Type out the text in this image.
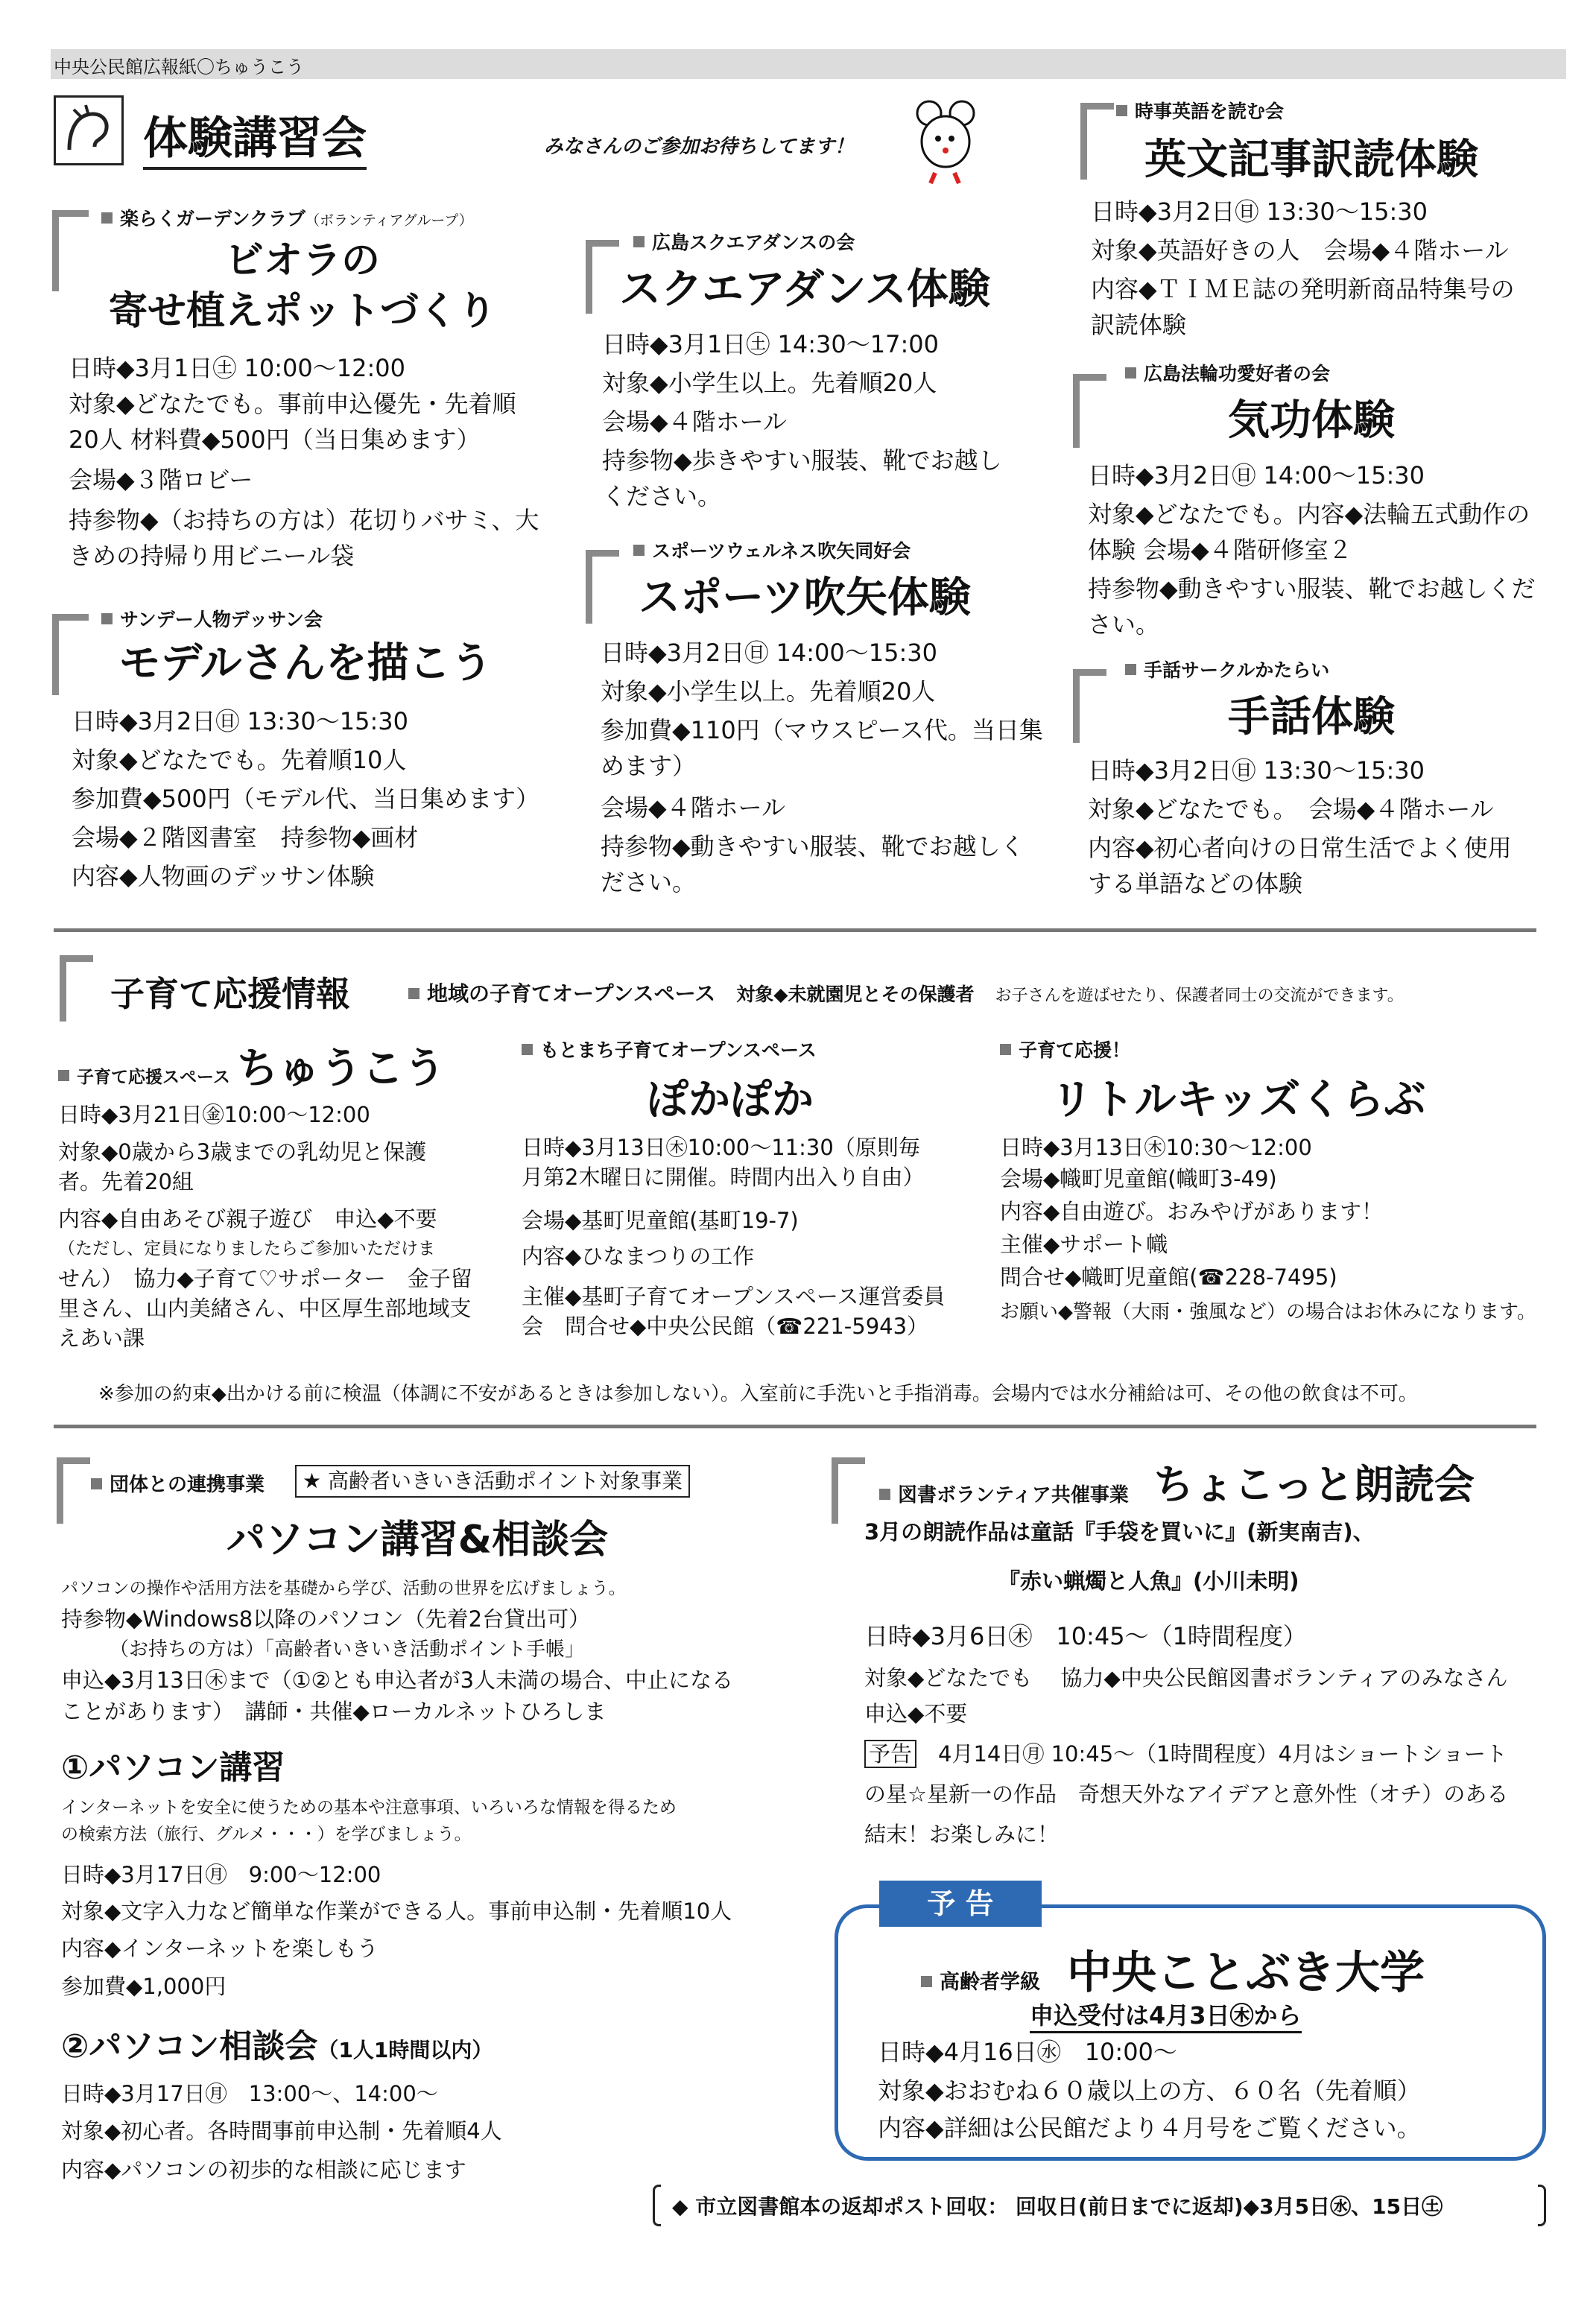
中央公民館広報紙〇ちゅうこう
体験講習会	みなさんのご参加お待ちしてます！
楽らくガーデンクラブ（ボランティアグループ）
ビオラの
寄せ植えポットづくり
日時◆3月1日㊏ 10:00〜12:00
対象◆どなたでも。事前申込優先・先着順
20人 材料費◆500円（当日集めます）
会場◆３階ロビー
持参物◆（お持ちの方は）花切りバサミ、大
きめの持帰り用ビニール袋
サンデー人物デッサン会
モデルさんを描こう
日時◆3月2日㊐ 13:30〜15:30
対象◆どなたでも。先着順10人
参加費◆500円（モデル代、当日集めます）
会場◆２階図書室　持参物◆画材
内容◆人物画のデッサン体験
広島スクエアダンスの会
スクエアダンス体験
日時◆3月1日㊏ 14:30〜17:00
対象◆小学生以上。先着順20人
会場◆４階ホール
持参物◆歩きやすい服装、靴でお越し
ください。
スポーツウェルネス吹矢同好会
スポーツ吹矢体験
日時◆3月2日㊐ 14:00〜15:30
対象◆小学生以上。先着順20人
参加費◆110円（マウスピース代。当日集
めます）
会場◆４階ホール
持参物◆動きやすい服装、靴でお越しく
ださい。
時事英語を読む会
英文記事訳読体験
日時◆3月2日㊐ 13:30〜15:30
対象◆英語好きの人　会場◆４階ホール
内容◆ＴＩＭＥ誌の発明新商品特集号の
訳読体験
広島法輪功愛好者の会
気功体験
日時◆3月2日㊐ 14:00〜15:30
対象◆どなたでも。内容◆法輪五式動作の
体験 会場◆４階研修室２
持参物◆動きやすい服装、靴でお越しくだ
さい。
手話サークルかたらい
手話体験
日時◆3月2日㊐ 13:30〜15:30
対象◆どなたでも。　会場◆４階ホール
内容◆初心者向けの日常生活でよく使用
する単語などの体験
子育て応援情報	地域の子育てオープンスペース　 対象◆未就園児とその保護者　 お子さんを遊ばせたり、保護者同士の交流ができます。
子育て応援スペース ちゅうこう
日時◆3月21日㊎10:00〜12:00
対象◆0歳から3歳までの乳幼児と保護
者。先着20組
内容◆自由あそび親子遊び　申込◆不要
（ただし、定員になりましたらご参加いただけま
せん）　協力◆子育て♡サポーター　金子留
里さん、山内美緒さん、中区厚生部地域支
えあい課
もとまち子育てオープンスペース
ぽかぽか
日時◆3月13日㊍10:00〜11:30（原則毎
月第2木曜日に開催。時間内出入り自由）
会場◆基町児童館(基町19-7)
内容◆ひなまつりの工作
主催◆基町子育てオープンスペース運営委員
会　問合せ◆中央公民館（☎221-5943）
子育て応援！
リトルキッズくらぶ
日時◆3月13日㊍10:30〜12:00
会場◆幟町児童館(幟町3-49)
内容◆自由遊び。おみやげがあります！
主催◆サポート幟
問合せ◆幟町児童館(☎228-7495)
お願い◆警報（大雨・強風など）の場合はお休みになります。
※参加の約束◆出かける前に検温（体調に不安があるときは参加しない）。入室前に手洗いと手指消毒。会場内では水分補給は可、その他の飲食は不可。
団体との連携事業	★ 高齢者いきいき活動ポイント対象事業
パソコン講習&相談会
パソコンの操作や活用方法を基礎から学び、活動の世界を広げましょう。
持参物◆Windows8以降のパソコン（先着2台貸出可）
　　　（お持ちの方は）「高齢者いきいき活動ポイント手帳」
申込◆3月13日㊍まで（①②とも申込者が3人未満の場合、中止になる
ことがあります）　講師・共催◆ローカルネットひろしま
①パソコン講習
インターネットを安全に使うための基本や注意事項、いろいろな情報を得るため
の検索方法（旅行、グルメ・・・）を学びましょう。
日時◆3月17日㊊　9:00〜12:00
対象◆文字入力など簡単な作業ができる人。事前申込制・先着順10人
内容◆インターネットを楽しもう
参加費◆1,000円
②パソコン相談会（1人1時間以内）
日時◆3月17日㊊　13:00〜、14:00〜
対象◆初心者。各時間事前申込制・先着順4人
内容◆パソコンの初歩的な相談に応じます
図書ボランティア共催事業 ちょこっと朗読会
3月の朗読作品は童話『手袋を買いに』(新実南吉)、
『赤い蝋燭と人魚』(小川未明)
日時◆3月6日㊍　10:45〜（1時間程度）
対象◆どなたでも　 協力◆中央公民館図書ボランティアのみなさん
申込◆不要
予告　4月14日㊊ 10:45〜（1時間程度）4月はショートショート
の星☆星新一の作品　奇想天外なアイデアと意外性（オチ）のある
結末！お楽しみに！
予 告
高齢者学級 中央ことぶき大学
申込受付は4月3日㊍から
日時◆4月16日㊌　10:00〜
対象◆おおむね６０歳以上の方、６０名（先着順）
内容◆詳細は公民館だより４月号をご覧ください。
◆ 市立図書館本の返却ポスト回収： 回収日(前日までに返却)◆3月5日㊌、15日㊏
